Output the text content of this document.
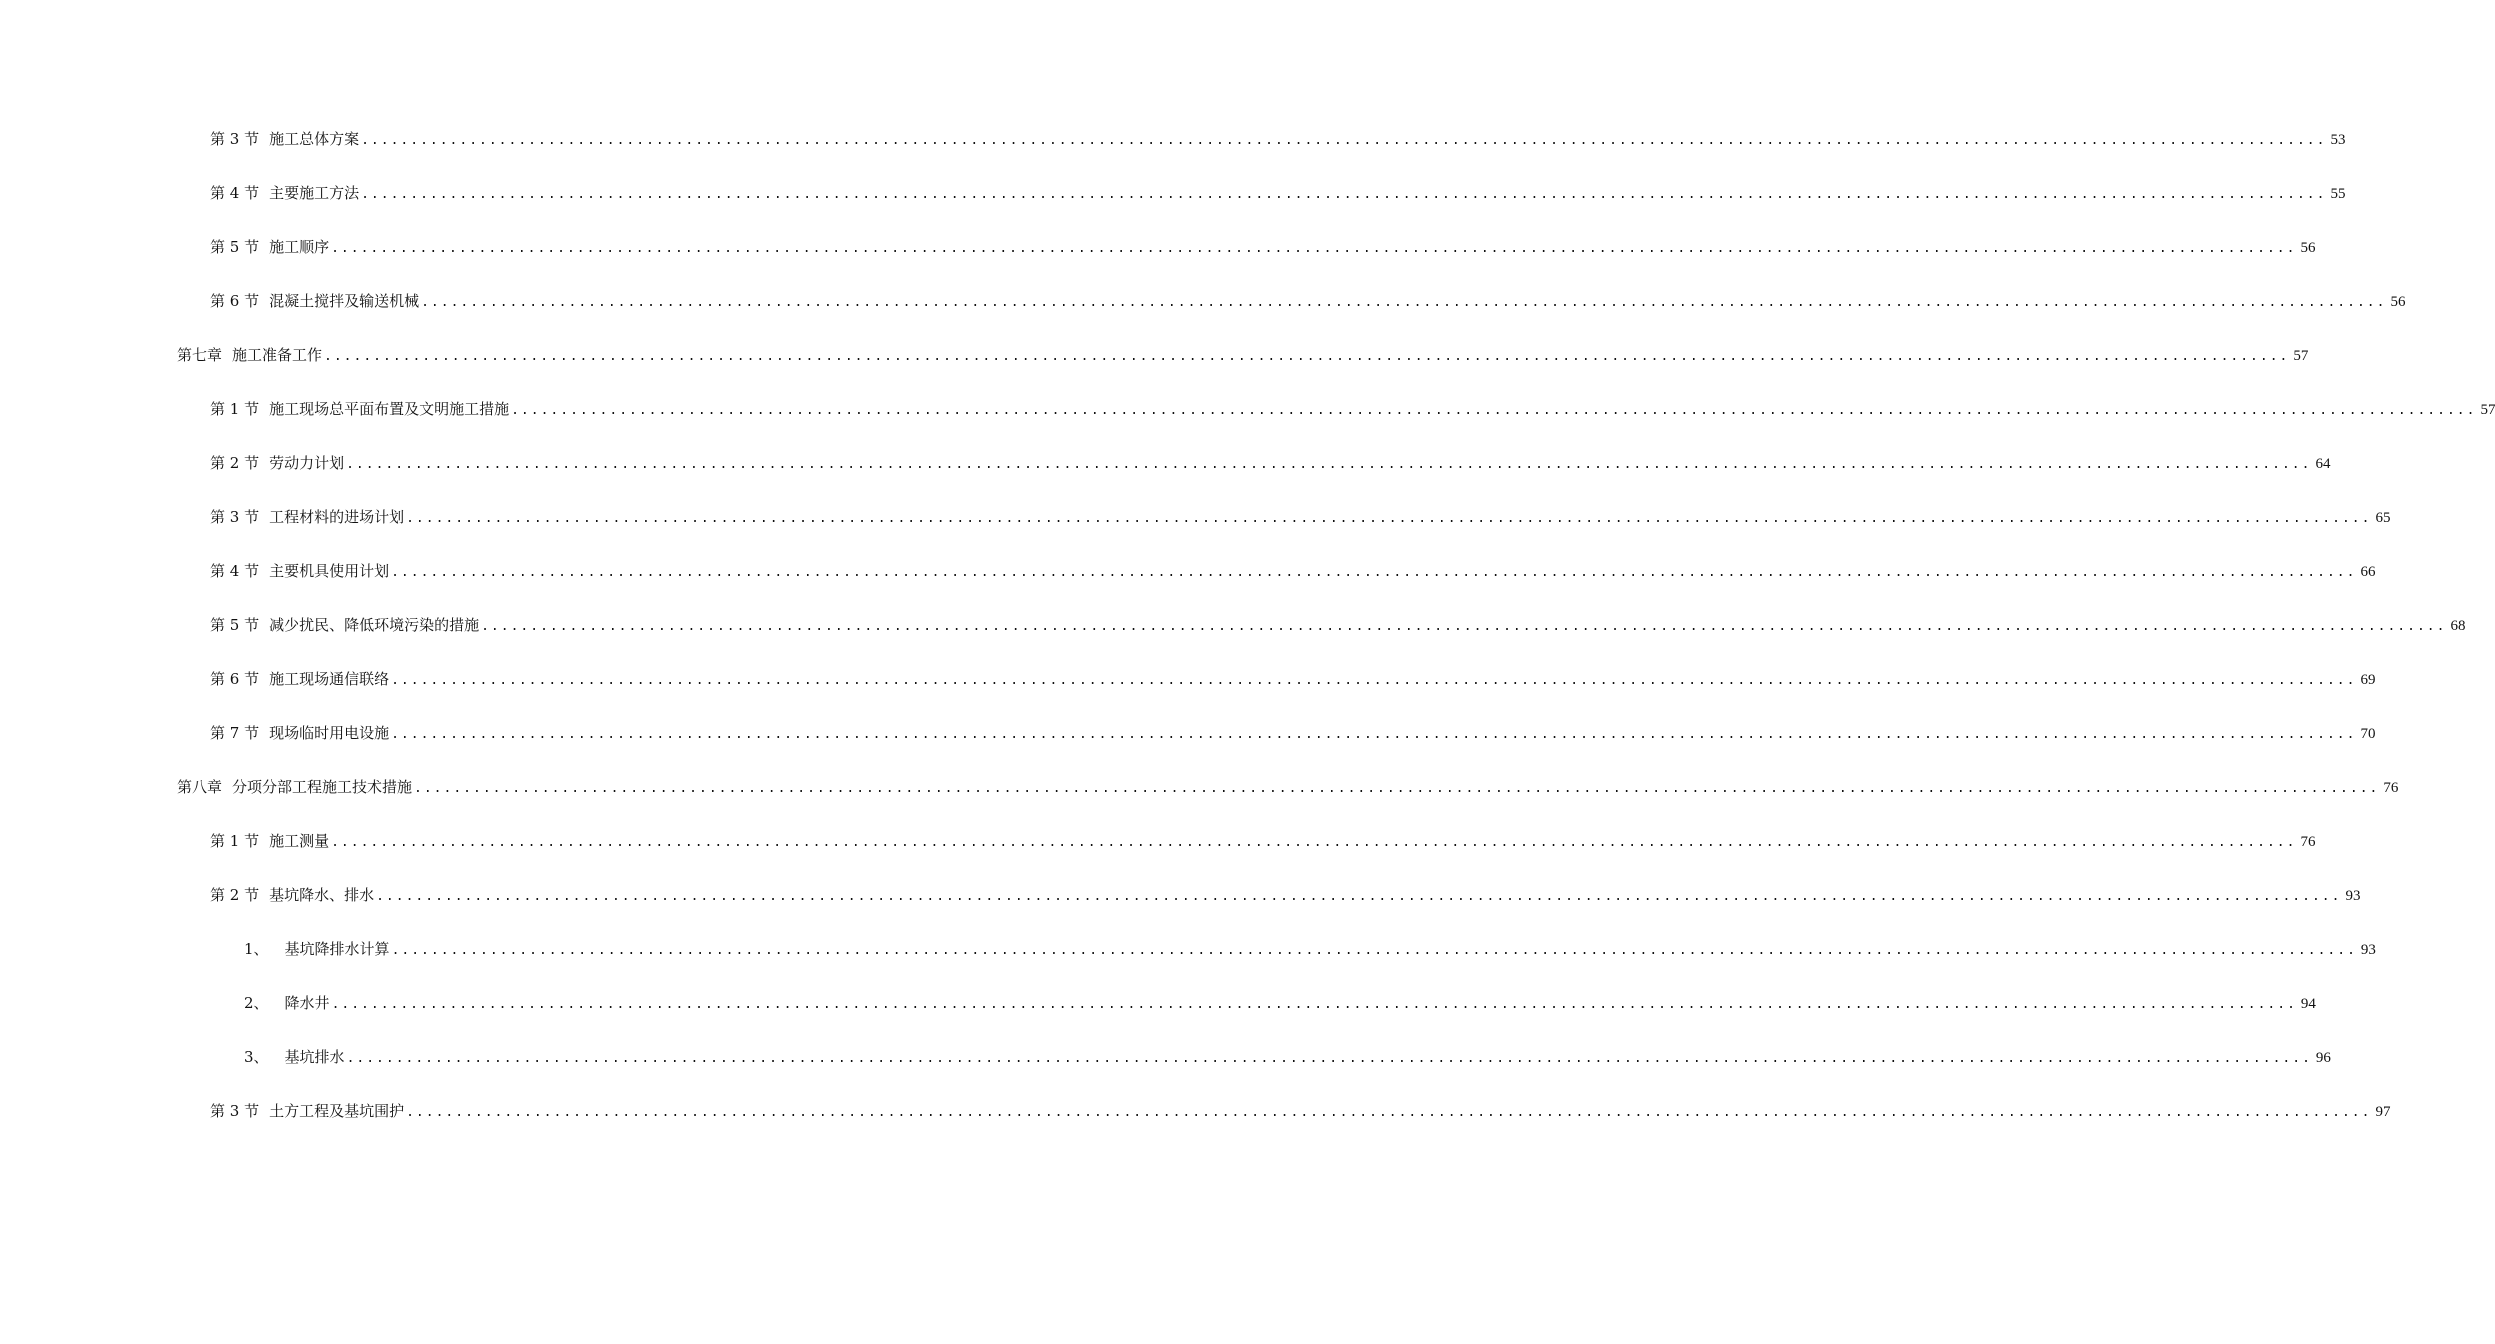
第 3 节 施工总体方案 ........................................................................................................................................................................................................ 53
第 4 节 主要施工方法 ........................................................................................................................................................................................................ 55
第 5 节 施工顺序 ........................................................................................................................................................................................................ 56
第 6 节 混凝土搅拌及输送机械 ........................................................................................................................................................................................................ 56
第七章 施工准备工作 ........................................................................................................................................................................................................ 57
第 1 节 施工现场总平面布置及文明施工措施 ........................................................................................................................................................................................................ 57
第 2 节 劳动力计划 ........................................................................................................................................................................................................ 64
第 3 节 工程材料的进场计划 ........................................................................................................................................................................................................ 65
第 4 节 主要机具使用计划 ........................................................................................................................................................................................................ 66
第 5 节 减少扰民、降低环境污染的措施 ........................................................................................................................................................................................................ 68
第 6 节 施工现场通信联络 ........................................................................................................................................................................................................ 69
第 7 节 现场临时用电设施 ........................................................................................................................................................................................................ 70
第八章 分项分部工程施工技术措施 ........................................................................................................................................................................................................ 76
第 1 节 施工测量 ........................................................................................................................................................................................................ 76
第 2 节 基坑降水、排水 ........................................................................................................................................................................................................ 93
1、 基坑降排水计算 ........................................................................................................................................................................................................ 93
2、 降水井 ........................................................................................................................................................................................................ 94
3、 基坑排水 ........................................................................................................................................................................................................ 96
第 3 节 土方工程及基坑围护 ........................................................................................................................................................................................................ 97
